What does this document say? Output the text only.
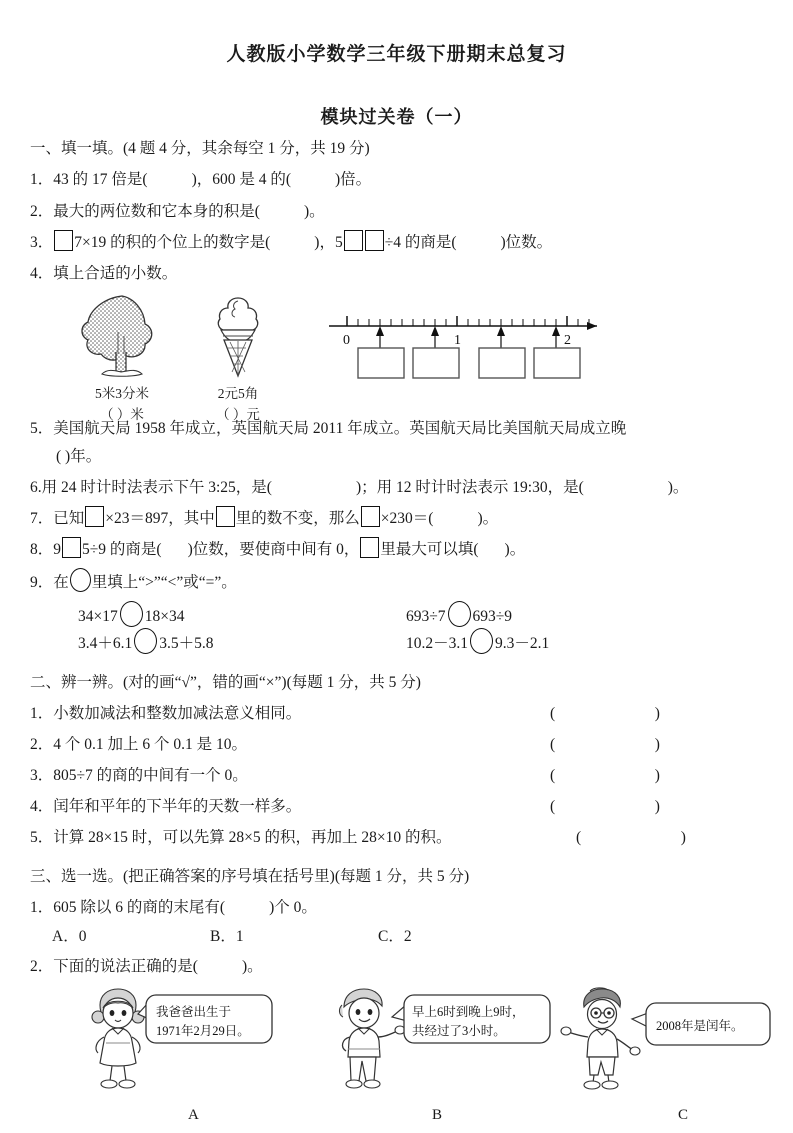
人教版小学数学三年级下册期末总复习
模块过关卷（一）
一、填一填。(4 题 4 分，其余每空 1 分，共 19 分)
1．43 的 17 倍是(	)，600 是 4 的(	)倍。
2．最大的两位数和它本身的积是(	)。
3． 7×19 的积的个位上的数字是(	)，5	÷4 的商是(	)位数。
4．填上合适的小数。
5米3分米
（ ）米
2元5角
（ ）元
0	1	2
5．美国航天局 1958 年成立，英国航天局 2011 年成立。英国航天局比美国航天局成立晚
( )年。
6.用 24 时计时法表示下午 3:25，是(	)；用 12 时计时法表示 19:30，是(	)。
7．已知 ×23＝897，其中 里的数不变，那么 ×230＝(	)。
8．9 5÷9 的商是( )位数，要使商中间有 0， 里最大可以填( )。
9．在 里填上“>”“<”或“=”。
34×17 18×34	693÷7 693÷9
3.4＋6.1 3.5＋5.8	10.2－3.1 9.3－2.1
二、辨一辨。(对的画“√”，错的画“×”)(每题 1 分，共 5 分)
1． 小数加减法和整数加减法意义相同。	(   )
2． 4 个 0.1 加上 6 个 0.1 是 10。	(   )
3． 805÷7 的商的中间有一个 0。	(   )
4． 闰年和平年的下半年的天数一样多。	(   )
5． 计算 28×15 时，可以先算 28×5 的积，再加上 28×10 的积。	(   )
三、选一选。(把正确答案的序号填在括号里)(每题 1 分，共 5 分)
1．605 除以 6 的商的末尾有(	)个 0。
A．0	B．1	C．2
2．下面的说法正确的是(	)。
我爸爸出生于
1971年2月29日。
早上6时到晚上9时，
共经过了3小时。	2008年是闰年。
A	B	C
